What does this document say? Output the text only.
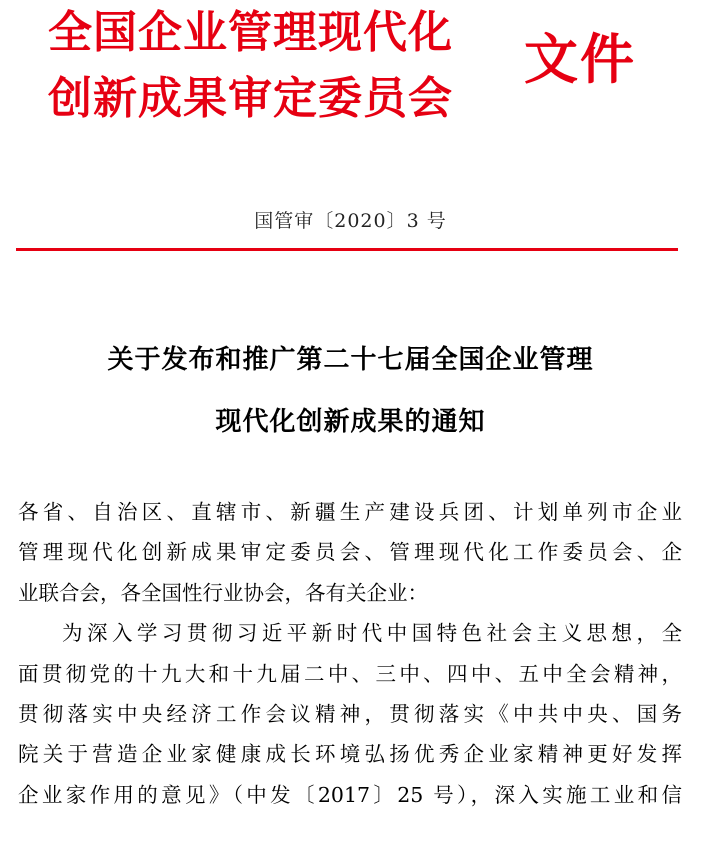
全国企业管理现代化
创新成果审定委员会
文件
国管审〔2020〕3 号
关于发布和推广第二十七届全国企业管理
现代化创新成果的通知
各省、自治区、直辖市、新疆生产建设兵团、计划单列市企业
管理现代化创新成果审定委员会、管理现代化工作委员会、企
业联合会，各全国性行业协会，各有关企业：
为深入学习贯彻习近平新时代中国特色社会主义思想，全
面贯彻党的十九大和十九届二中、三中、四中、五中全会精神，
贯彻落实中央经济工作会议精神，贯彻落实《中共中央、国务
院关于营造企业家健康成长环境弘扬优秀企业家精神更好发挥
企业家作用的意见》（中发〔2017〕25 号），深入实施工业和信
